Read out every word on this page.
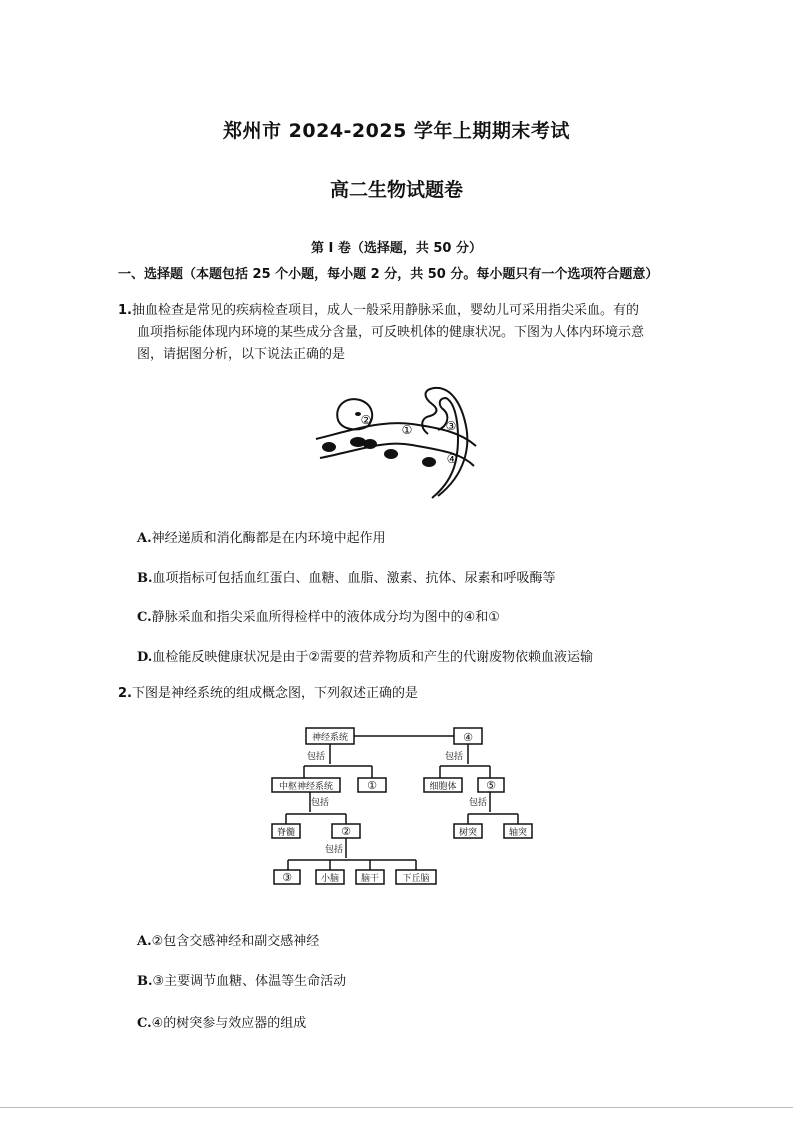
郑州市 2024-2025 学年上期期末考试
高二生物试题卷
第 I 卷（选择题，共 50 分）
一、选择题（本题包括 25 个小题，每小题 2 分，共 50 分。每小题只有一个选项符合题意）
1.抽血检查是常见的疾病检查项目，成人一般采用静脉采血，婴幼儿可采用指尖采血。有的
血项指标能体现内环境的某些成分含量，可反映机体的健康状况。下图为人体内环境示意
图，请据图分析，以下说法正确的是
②
①	③
④
A.神经递质和消化酶都是在内环境中起作用
B.血项指标可包括血红蛋白、血糖、血脂、激素、抗体、尿素和呼吸酶等
C.静脉采血和指尖采血所得检样中的液体成分均为图中的④和①
D.血检能反映健康状况是由于②需要的营养物质和产生的代谢废物依赖血液运输
2.下图是神经系统的组成概念图，下列叙述正确的是
神经系统	④
包括	包括
中枢神经系统	①	细胞体	⑤
包括	包括
脊髓	②	树突	轴突
包括
③	小脑 脑干	下丘脑
A.②包含交感神经和副交感神经
B.③主要调节血糖、体温等生命活动
C.④的树突参与效应器的组成
